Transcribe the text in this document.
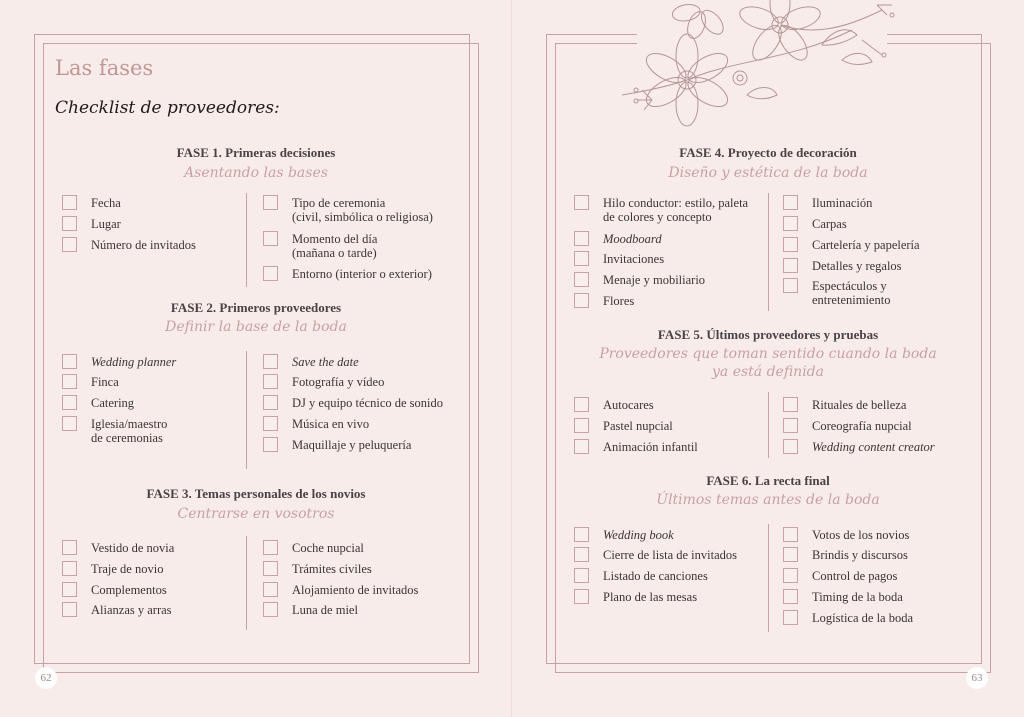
Las fases
Checklist de proveedores:
FASE 1. Primeras decisiones
Asentando las bases
Fecha
Lugar
Número de invitados
Tipo de ceremonia
(civil, simbólica o religiosa)
Momento del día
(mañana o tarde)
Entorno (interior o exterior)
FASE 2. Primeros proveedores
Definir la base de la boda
Wedding planner
Finca
Catering
Iglesia/maestro
de ceremonias
Save the date
Fotografía y vídeo
DJ y equipo técnico de sonido
Música en vivo
Maquillaje y peluquería
FASE 3. Temas personales de los novios
Centrarse en vosotros
Vestido de novia
Traje de novio
Complementos
Alianzas y arras
Coche nupcial
Trámites civiles
Alojamiento de invitados
Luna de miel
62
FASE 4. Proyecto de decoración
Diseño y estética de la boda
Hilo conductor: estilo, paleta
de colores y concepto
Moodboard
Invitaciones
Menaje y mobiliario
Flores
Iluminación
Carpas
Cartelería y papelería
Detalles y regalos
Espectáculos y
entretenimiento
FASE 5. Últimos proveedores y pruebas
Proveedores que toman sentido cuando la boda
ya está definida
Autocares
Pastel nupcial
Animación infantil
Rituales de belleza
Coreografía nupcial
Wedding content creator
FASE 6. La recta final
Últimos temas antes de la boda
Wedding book
Cierre de lista de invitados
Listado de canciones
Plano de las mesas
Votos de los novios
Brindis y discursos
Control de pagos
Timing de la boda
Logística de la boda
63
